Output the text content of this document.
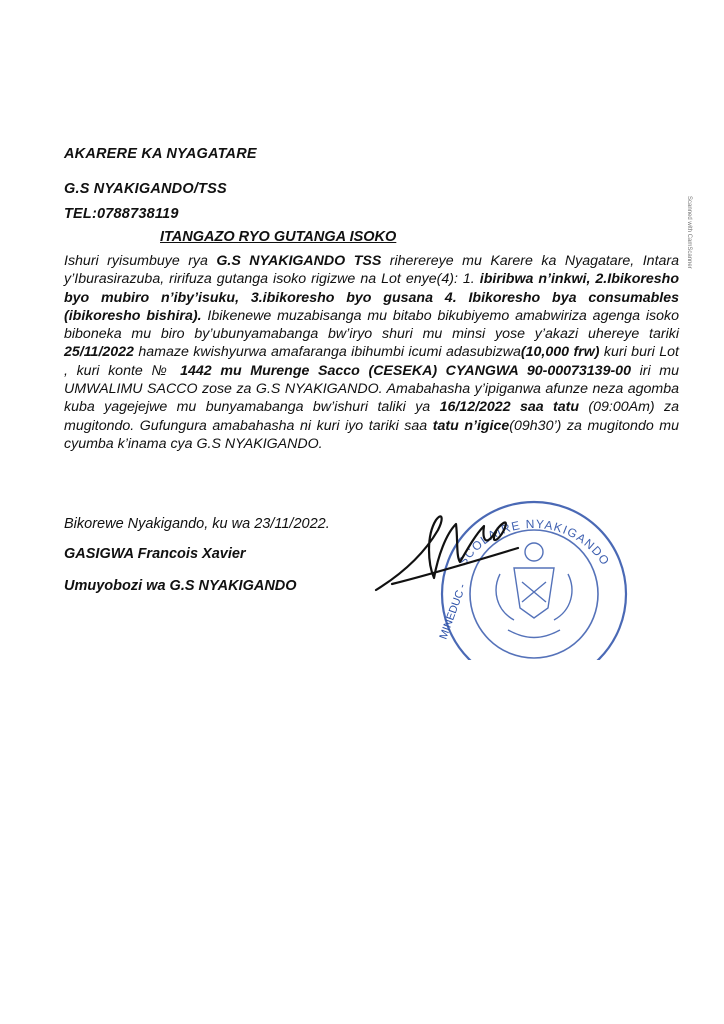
AKARERE KA NYAGATARE
G.S NYAKIGANDO/TSS
TEL:0788738119
ITANGAZO RYO GUTANGA ISOKO
Ishuri ryisumbuye rya G.S NYAKIGANDO TSS riherereye mu Karere ka Nyagatare, Intara y’Iburasirazuba, ririfuza gutanga isoko rigizwe na Lot enye(4): 1. ibiribwa n’inkwi, 2.Ibikoresho byo mubiro n’iby’isuku, 3.ibikoresho byo gusana 4. Ibikoresho bya consumables (ibikoresho bishira). Ibikenewe muzabisanga mu bitabo bikubiyemo amabwiriza agenga isoko biboneka mu biro by’ubunyamabanga bw’iryo shuri mu minsi yose y’akazi uhereye tariki 25/11/2022 hamaze kwishyurwa amafaranga ibihumbi icumi adasubizwa(10,000 frw) kuri buri Lot , kuri konte № 1442 mu Murenge Sacco (CESEKA) CYANGWA 90-00073139-00 iri mu UMWALIMU SACCO zose za G.S NYAKIGANDO. Amabahasha y’ipiganwa afunze neza agomba kuba yagejejwe mu bunyamabanga bw’ishuri taliki ya 16/12/2022 saa tatu (09:00Am) za mugitondo. Gufungura amabahasha ni kuri iyo tariki saa tatu n’igice(09h30’) za mugitondo mu cyumba k’inama cya G.S NYAKIGANDO.
Bikorewe Nyakigando, ku wa 23/11/2022.
GASIGWA Francois Xavier
Umuyobozi wa G.S NYAKIGANDO
SCOLAIRE NYAKIGANDO
MINEDUC -
Scanned with CamScanner
